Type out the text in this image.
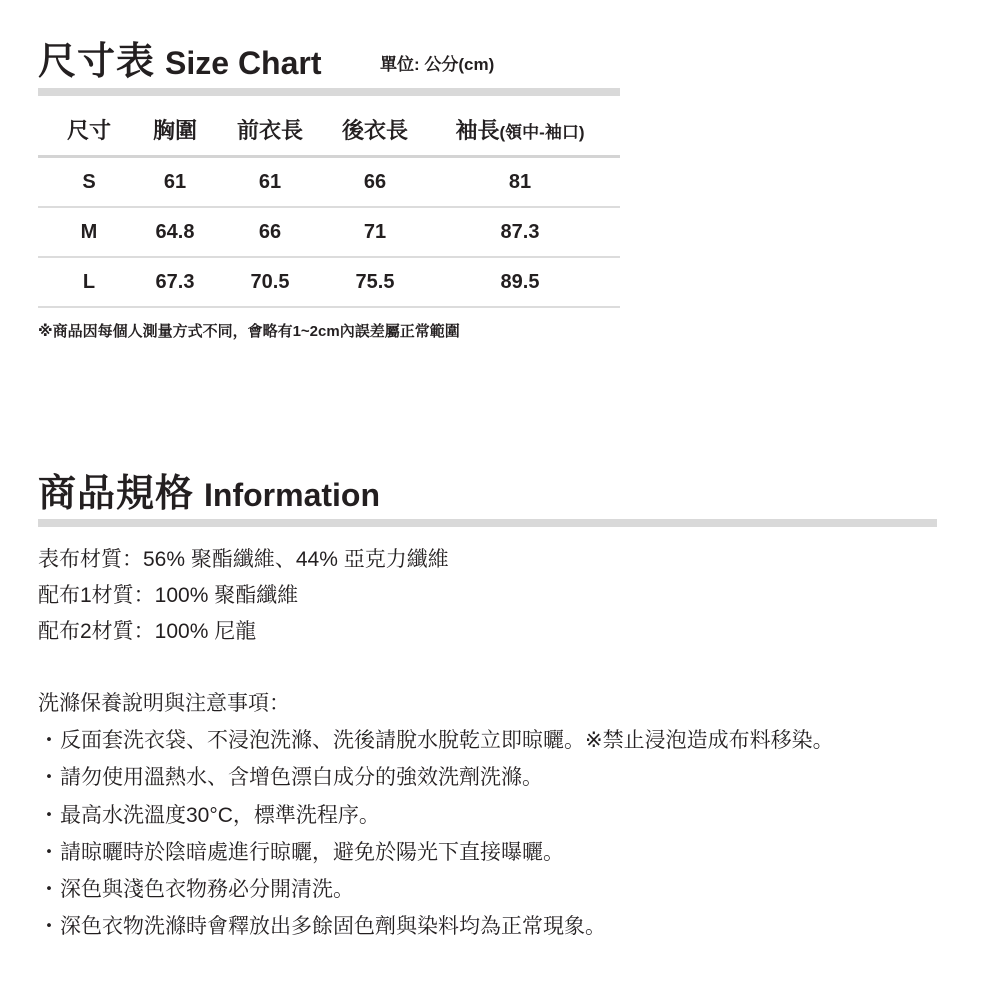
尺寸表 Size Chart	單位: 公分(cm)
尺寸	胸圍	前衣長	後衣長	袖長(領中-袖口)
S	61	61	66	81
M	64.8	66	71	87.3
L	67.3	70.5	75.5	89.5
※商品因每個人測量方式不同，會略有1~2cm內誤差屬正常範圍
商品規格 Information
表布材質：56% 聚酯纖維、44% 亞克力纖維
配布1材質：100% 聚酯纖維
配布2材質：100% 尼龍
洗滌保養說明與注意事項：
・ 反面套洗衣袋、不浸泡洗滌、洗後請脫水脫乾立即晾曬。※禁止浸泡造成布料移染。
・ 請勿使用溫熱水、含增色漂白成分的強效洗劑洗滌。
・ 最高水洗溫度30°C，標準洗程序。
・ 請晾曬時於陰暗處進行晾曬，避免於陽光下直接曝曬。
・ 深色與淺色衣物務必分開清洗。
・ 深色衣物洗滌時會釋放出多餘固色劑與染料均為正常現象。
